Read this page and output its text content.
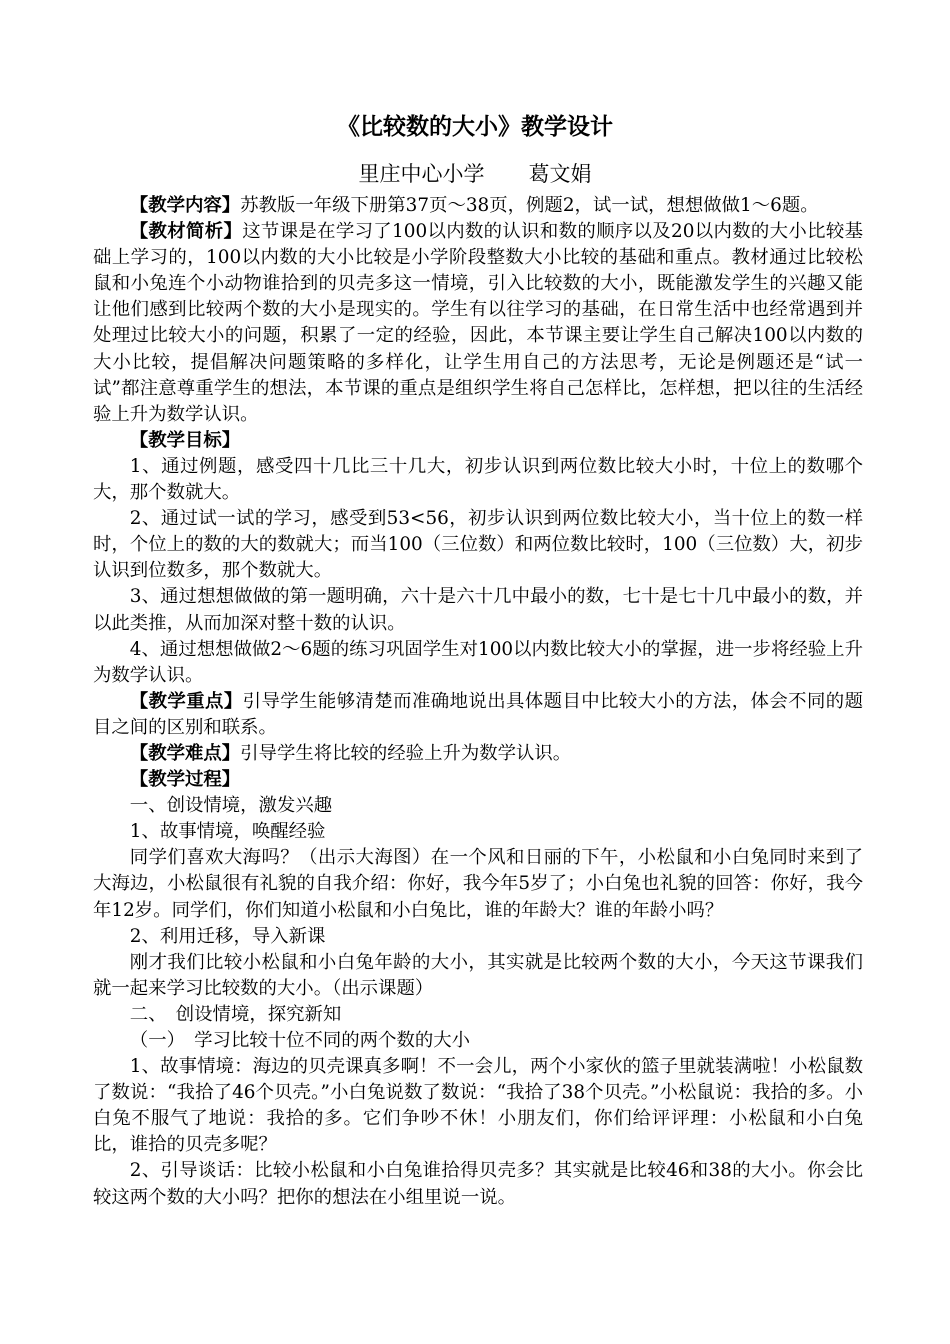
《比较数的大小》教学设计
里庄中心小学 葛文娟

【教学内容】苏教版一年级下册第37页～38页，例题2，试一试，想想做做1～6题。

【教材简析】这节课是在学习了100以内数的认识和数的顺序以及20以内数的大小比较基础上学习的，100以内数的大小比较是小学阶段整数大小比较的基础和重点。教材通过比较松鼠和小兔连个小动物谁拾到的贝壳多这一情境，引入比较数的大小，既能激发学生的兴趣又能让他们感到比较两个数的大小是现实的。学生有以往学习的基础，在日常生活中也经常遇到并处理过比较大小的问题，积累了一定的经验，因此，本节课主要让学生自己解决100以内数的大小比较，提倡解决问题策略的多样化，让学生用自己的方法思考，无论是例题还是“试一试”都注意尊重学生的想法，本节课的重点是组织学生将自己怎样比，怎样想，把以往的生活经验上升为数学认识。

【教学目标】

1、通过例题，感受四十几比三十几大，初步认识到两位数比较大小时，十位上的数哪个大，那个数就大。

2、通过试一试的学习，感受到53<56，初步认识到两位数比较大小，当十位上的数一样时，个位上的数的大的数就大；而当100（三位数）和两位数比较时，100（三位数）大，初步认识到位数多，那个数就大。

3、通过想想做做的第一题明确，六十是六十几中最小的数，七十是七十几中最小的数，并以此类推，从而加深对整十数的认识。

4、通过想想做做2～6题的练习巩固学生对100以内数比较大小的掌握，进一步将经验上升为数学认识。

【教学重点】引导学生能够清楚而准确地说出具体题目中比较大小的方法，体会不同的题目之间的区别和联系。

【教学难点】引导学生将比较的经验上升为数学认识。

【教学过程】

一、创设情境，激发兴趣

1、故事情境，唤醒经验

同学们喜欢大海吗？（出示大海图）在一个风和日丽的下午，小松鼠和小白兔同时来到了大海边，小松鼠很有礼貌的自我介绍：你好，我今年5岁了；小白兔也礼貌的回答：你好，我今年12岁。同学们，你们知道小松鼠和小白兔比，谁的年龄大？谁的年龄小吗？

2、利用迁移，导入新课

刚才我们比较小松鼠和小白兔年龄的大小，其实就是比较两个数的大小，今天这节课我们就一起来学习比较数的大小。（出示课题）

二、　创设情境，探究新知

（一）　学习比较十位不同的两个数的大小

1、故事情境：海边的贝壳课真多啊！不一会儿，两个小家伙的篮子里就装满啦！小松鼠数了数说：“我拾了46个贝壳。”小白兔说数了数说：“我拾了38个贝壳。”小松鼠说：我拾的多。小白兔不服气了地说：我拾的多。它们争吵不休！小朋友们，你们给评评理：小松鼠和小白兔比，谁拾的贝壳多呢？

2、引导谈话：比较小松鼠和小白兔谁拾得贝壳多？其实就是比较46和38的大小。你会比较这两个数的大小吗？把你的想法在小组里说一说。
